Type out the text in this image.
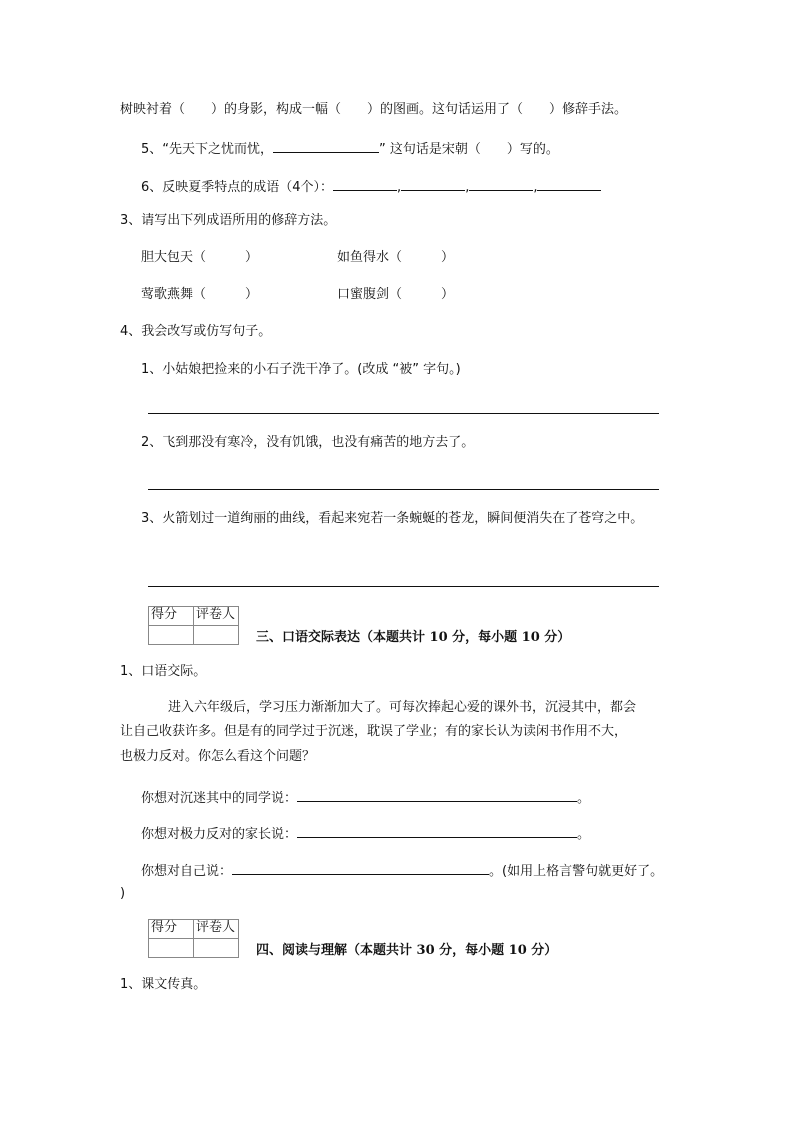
树映衬着（　　）的身影，构成一幅（　　）的图画。这句话运用了（　　）修辞手法。
5、“先天下之忧而忧，	” 这句话是宋朝（　　）写的。
6、反映夏季特点的成语（4个）：	,	,	,
3、请写出下列成语所用的修辞方法。
胆大包天（　　　）	如鱼得水（　　　）
莺歌燕舞（　　　）	口蜜腹剑（　　　）
4、我会改写或仿写句子。
1、小姑娘把捡来的小石子洗干净了。(改成 “被” 字句。)
2、飞到那没有寒冷，没有饥饿，也没有痛苦的地方去了。
3、火箭划过一道绚丽的曲线，看起来宛若一条蜿蜒的苍龙，瞬间便消失在了苍穹之中。
得分	评卷人

三、口语交际表达（本题共计 10 分，每小题 10 分）
1、口语交际。
进入六年级后，学习压力渐渐加大了。可每次捧起心爱的课外书，沉浸其中，都会
让自己收获许多。但是有的同学过于沉迷，耽误了学业；有的家长认为读闲书作用不大，
也极力反对。你怎么看这个问题？
你想对沉迷其中的同学说：	。
你想对极力反对的家长说：	。
你想对自己说：	。(如用上格言警句就更好了。
)
得分	评卷人

四、阅读与理解（本题共计 30 分，每小题 10 分）
1、课文传真。
